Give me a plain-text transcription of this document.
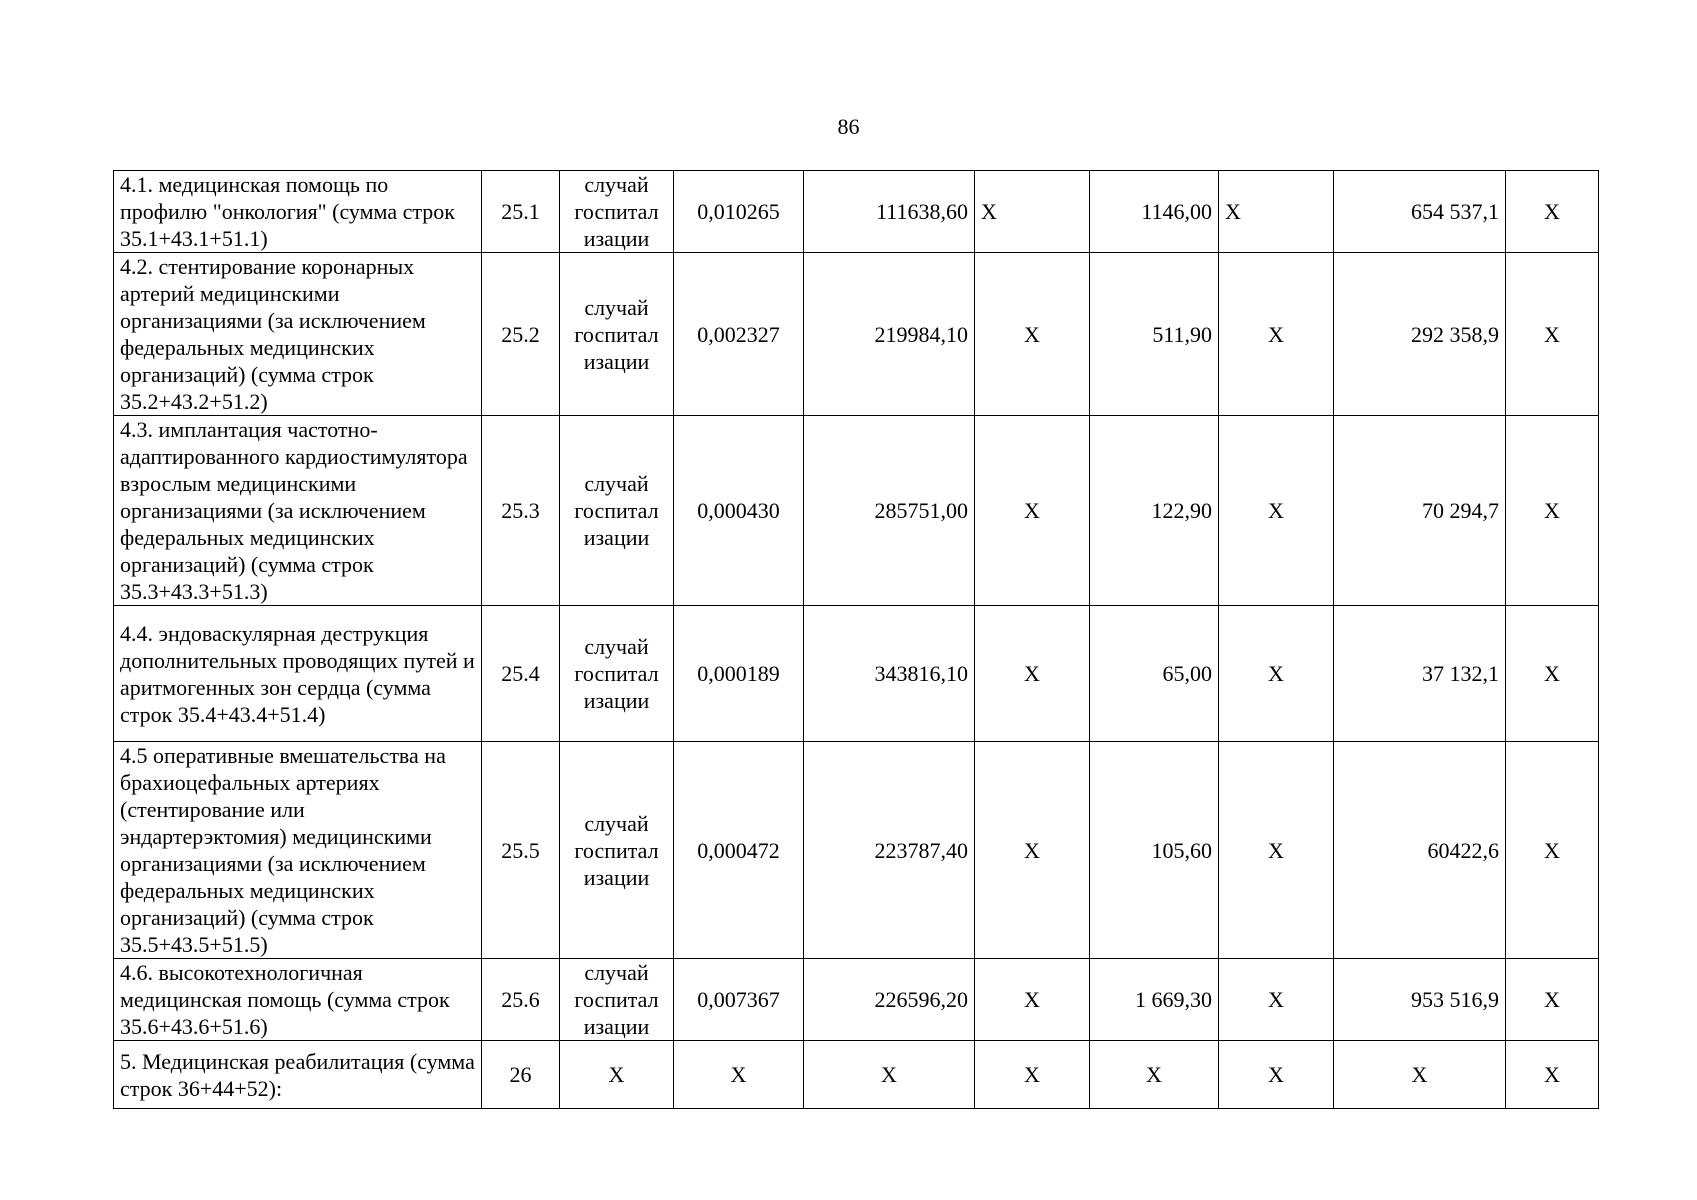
86
4.1. медицинская помощь по профилю "онкология" (сумма строк 35.1+43.1+51.1)	25.1	случай госпитал изации	0,010265	111638,60	Х	1146,00	Х	654 537,1	Х
4.2. стентирование коронарных артерий медицинскими организациями (за исключением федеральных медицинских организаций) (сумма строк 35.2+43.2+51.2)	25.2	случай госпитал изации	0,002327	219984,10	Х	511,90	Х	292 358,9	Х
4.3. имплантация частотно-адаптированного кардиостимулятора взрослым медицинскими организациями (за исключением федеральных медицинских организаций) (сумма строк 35.3+43.3+51.3)	25.3	случай госпитал изации	0,000430	285751,00	Х	122,90	Х	70 294,7	Х
4.4. эндоваскулярная деструкция дополнительных проводящих путей и аритмогенных зон сердца (сумма строк 35.4+43.4+51.4)	25.4	случай госпитал изации	0,000189	343816,10	Х	65,00	Х	37 132,1	Х
4.5 оперативные вмешательства на брахиоцефальных артериях (стентирование или эндартерэктомия) медицинскими организациями (за исключением федеральных медицинских организаций) (сумма строк 35.5+43.5+51.5)	25.5	случай госпитал изации	0,000472	223787,40	Х	105,60	Х	60422,6	Х
4.6. высокотехнологичная медицинская помощь (сумма строк 35.6+43.6+51.6)	25.6	случай госпитал изации	0,007367	226596,20	Х	1 669,30	Х	953 516,9	Х
5. Медицинская реабилитация (сумма строк 36+44+52):	26	Х	Х	Х	Х	Х	Х	Х	Х
